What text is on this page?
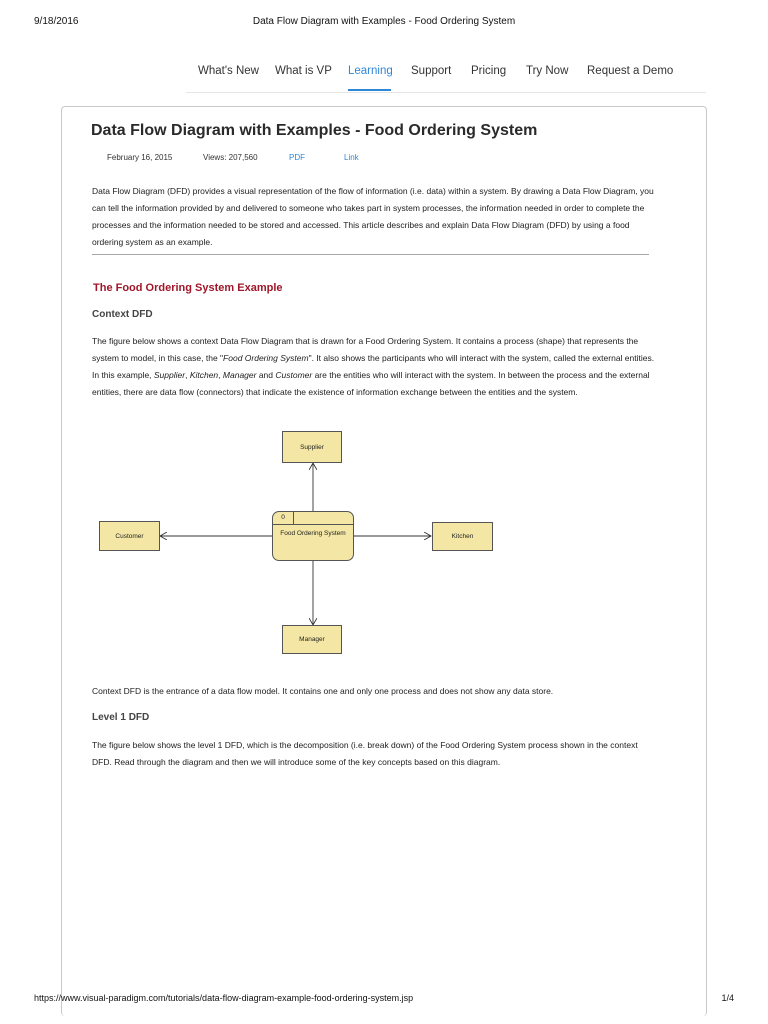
9/18/2016	Data Flow Diagram with Examples - Food Ordering System
What's New What is VP Learning Support Pricing Try Now Request a Demo
Data Flow Diagram with Examples - Food Ordering System
February 16, 2015	Views: 207,560	PDF	Link
Data Flow Diagram (DFD) provides a visual representation of the flow of information (i.e. data) within a system. By drawing a Data Flow Diagram, you can tell the information provided by and delivered to someone who takes part in system processes, the information needed in order to complete the processes and the information needed to be stored and accessed. This article describes and explain Data Flow Diagram (DFD) by using a food ordering system as an example.
The Food Ordering System Example
Context DFD
The figure below shows a context Data Flow Diagram that is drawn for a Food Ordering System. It contains a process (shape) that represents the system to model, in this case, the "Food Ordering System". It also shows the participants who will interact with the system, called the external entities. In this example, Supplier, Kitchen, Manager and Customer are the entities who will interact with the system. In between the process and the external entities, there are data flow (connectors) that indicate the existence of information exchange between the entities and the system.
Supplier
Customer	Kitchen
Manager
0
Food Ordering System
Context DFD is the entrance of a data flow model. It contains one and only one process and does not show any data store.
Level 1 DFD
The figure below shows the level 1 DFD, which is the decomposition (i.e. break down) of the Food Ordering System process shown in the context DFD. Read through the diagram and then we will introduce some of the key concepts based on this diagram.
https://www.visual-paradigm.com/tutorials/data-flow-diagram-example-food-ordering-system.jsp	1/4
